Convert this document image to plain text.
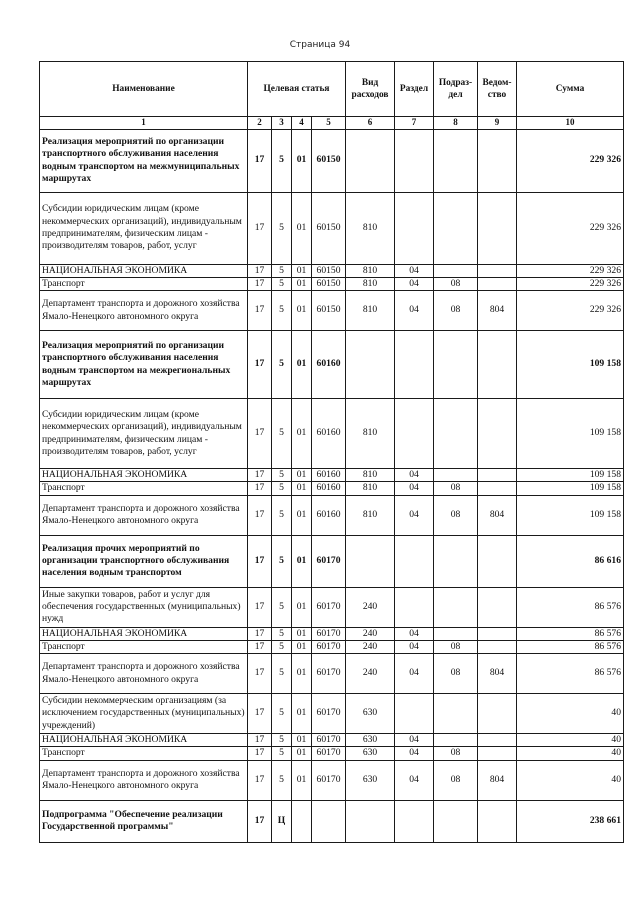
Страница 94
Наименование	Целевая статья				Вид расходов	Раздел	Подраз-дел	Ведом-ство	Сумма
1	2	3	4	5	6	7	8	9	10
Реализация мероприятий по организации транспортного обслуживания населения водным транспортом на межмуниципальных маршрутах	17	5	01	60150					229 326
Субсидии юридическим лицам (кроме некоммерческих организаций), индивидуальным предпринимателям, физическим лицам - производителям товаров, работ, услуг	17	5	01	60150	810				229 326
НАЦИОНАЛЬНАЯ ЭКОНОМИКА	17	5	01	60150	810	04			229 326
Транспорт	17	5	01	60150	810	04	08		229 326
Департамент транспорта и дорожного хозяйства Ямало-Ненецкого автономного округа	17	5	01	60150	810	04	08	804	229 326
Реализация мероприятий по организации транспортного обслуживания населения водным транспортом на межрегиональных маршрутах	17	5	01	60160					109 158
Субсидии юридическим лицам (кроме некоммерческих организаций), индивидуальным предпринимателям, физическим лицам - производителям товаров, работ, услуг	17	5	01	60160	810				109 158
НАЦИОНАЛЬНАЯ ЭКОНОМИКА	17	5	01	60160	810	04			109 158
Транспорт	17	5	01	60160	810	04	08		109 158
Департамент транспорта и дорожного хозяйства Ямало-Ненецкого автономного округа	17	5	01	60160	810	04	08	804	109 158
Реализация прочих мероприятий по организации транспортного обслуживания населения водным транспортом	17	5	01	60170					86 616
Иные закупки товаров, работ и услуг для обеспечения государственных (муниципальных) нужд	17	5	01	60170	240				86 576
НАЦИОНАЛЬНАЯ ЭКОНОМИКА	17	5	01	60170	240	04			86 576
Транспорт	17	5	01	60170	240	04	08		86 576
Департамент транспорта и дорожного хозяйства Ямало-Ненецкого автономного округа	17	5	01	60170	240	04	08	804	86 576
Субсидии некоммерческим организациям (за исключением государственных (муниципальных) учреждений)	17	5	01	60170	630				40
НАЦИОНАЛЬНАЯ ЭКОНОМИКА	17	5	01	60170	630	04			40
Транспорт	17	5	01	60170	630	04	08		40
Департамент транспорта и дорожного хозяйства Ямало-Ненецкого автономного округа	17	5	01	60170	630	04	08	804	40
Подпрограмма "Обеспечение реализации Государственной программы"	17	Ц							238 661
